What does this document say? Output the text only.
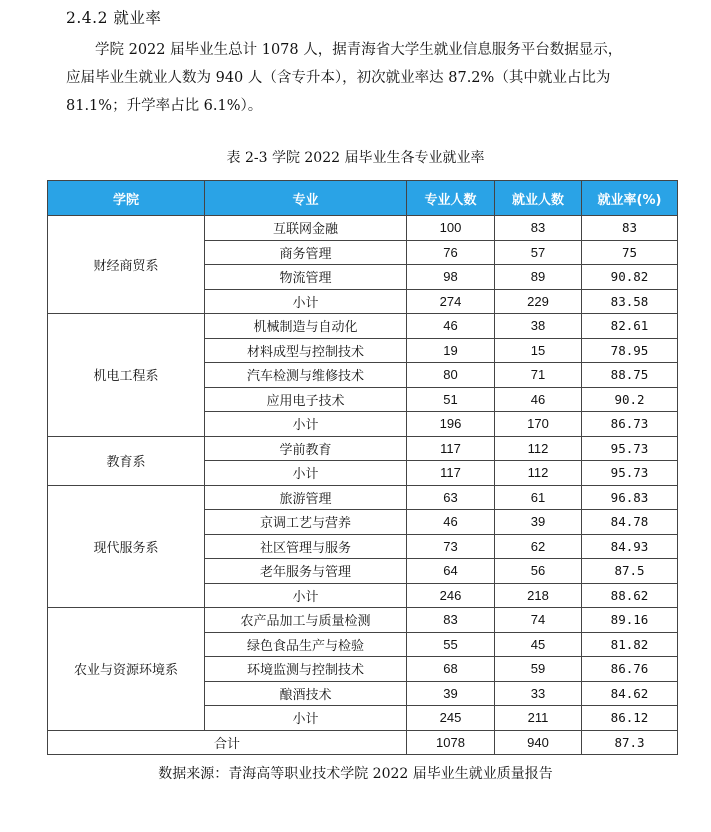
2.4.2 就业率

学院 2022 届毕业生总计 1078 人，据青海省大学生就业信息服务平台数据显示，

应届毕业生就业人数为 940 人（含专升本），初次就业率达 87.2%（其中就业占比为

81.1%；升学率占比 6.1%）。

表 2-3 学院 2022 届毕业生各专业就业率
学院	专业	专业人数	就业人数	就业率(%)
财经商贸系	互联网金融	100	83	83
	商务管理	76	57	75
	物流管理	98	89	90.82
	小计	274	229	83.58
机电工程系	机械制造与自动化	46	38	82.61
	材料成型与控制技术	19	15	78.95
	汽车检测与维修技术	80	71	88.75
	应用电子技术	51	46	90.2
	小计	196	170	86.73
教育系	学前教育	117	112	95.73
	小计	117	112	95.73
现代服务系	旅游管理	63	61	96.83
	京调工艺与营养	46	39	84.78
	社区管理与服务	73	62	84.93
	老年服务与管理	64	56	87.5
	小计	246	218	88.62
农业与资源环境系	农产品加工与质量检测	83	74	89.16
	绿色食品生产与检验	55	45	81.82
	环境监测与控制技术	68	59	86.76
	酿酒技术	39	33	84.62
	小计	245	211	86.12
合计		1078	940	87.3
数据来源：青海高等职业技术学院 2022 届毕业生就业质量报告
